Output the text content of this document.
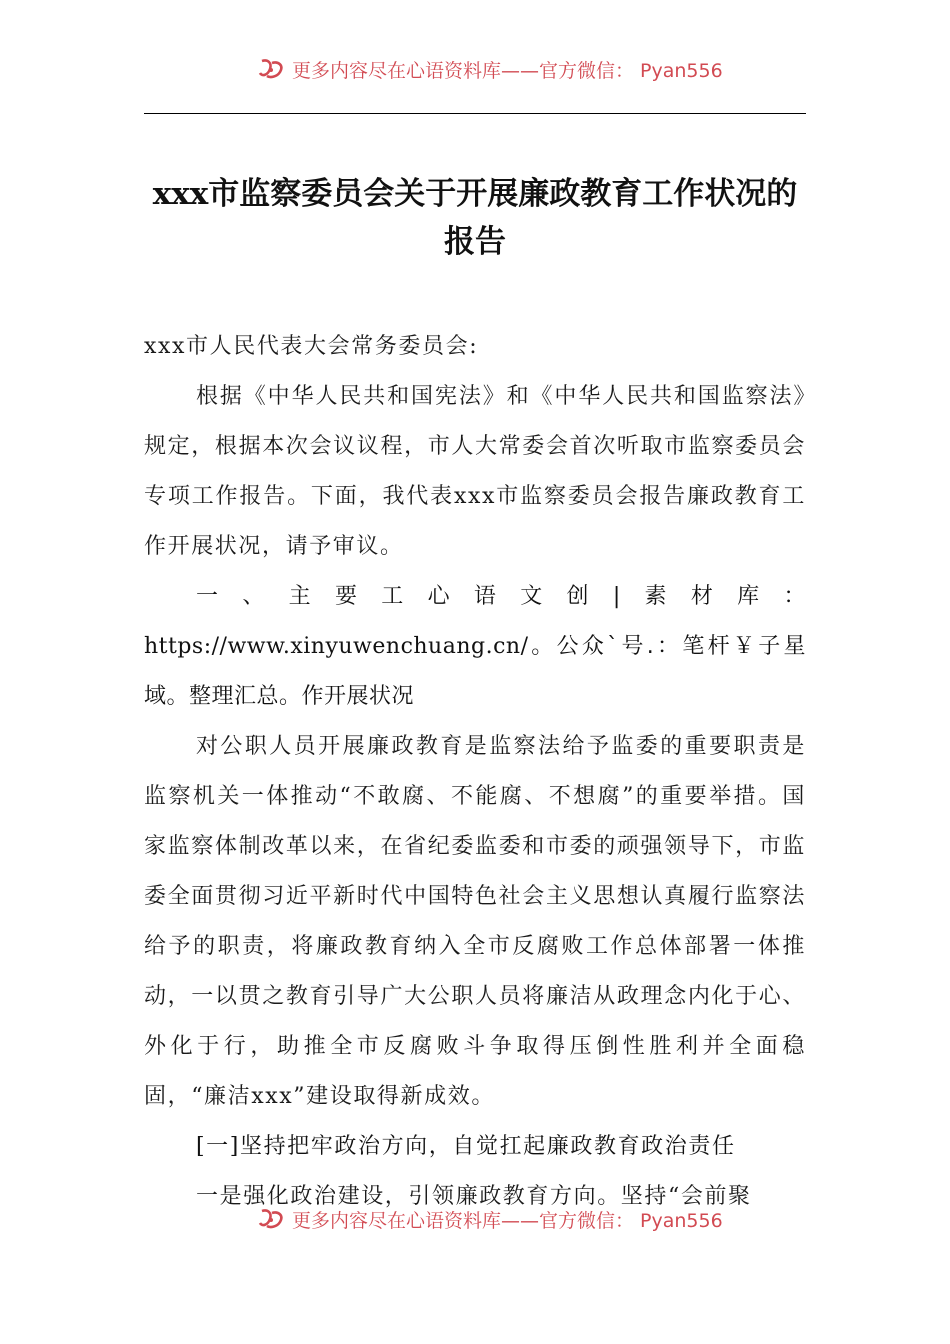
更多内容尽在心语资料库——官方微信： Pyan556
xxx市监察委员会关于开展廉政教育工作状况的报告

xxx市人民代表大会常务委员会:

根据《中华人民共和国宪法》和《中华人民共和国监察法》规定，根据本次会议议程，市人大常委会首次听取市监察委员会专项工作报告。下面，我代表xxx市监察委员会报告廉政教育工作开展状况，请予审议。

一、主要工心语文创|素材库：https://www.xinyuwenchuang.cn/。公众`号.：笔杆￥子星域。整理汇总。作开展状况

对公职人员开展廉政教育是监察法给予监委的重要职责是监察机关一体推动“不敢腐、不能腐、不想腐”的重要举措。国家监察体制改革以来，在省纪委监委和市委的顽强领导下，市监委全面贯彻习近平新时代中国特色社会主义思想认真履行监察法给予的职责，将廉政教育纳入全市反腐败工作总体部署一体推动，一以贯之教育引导广大公职人员将廉洁从政理念内化于心、外化于行，助推全市反腐败斗争取得压倒性胜利并全面稳固，“廉洁xxx”建设取得新成效。

[一]坚持把牢政治方向，自觉扛起廉政教育政治责任

一是强化政治建设，引领廉政教育方向。坚持“会前聚

更多内容尽在心语资料库——官方微信： Pyan556
